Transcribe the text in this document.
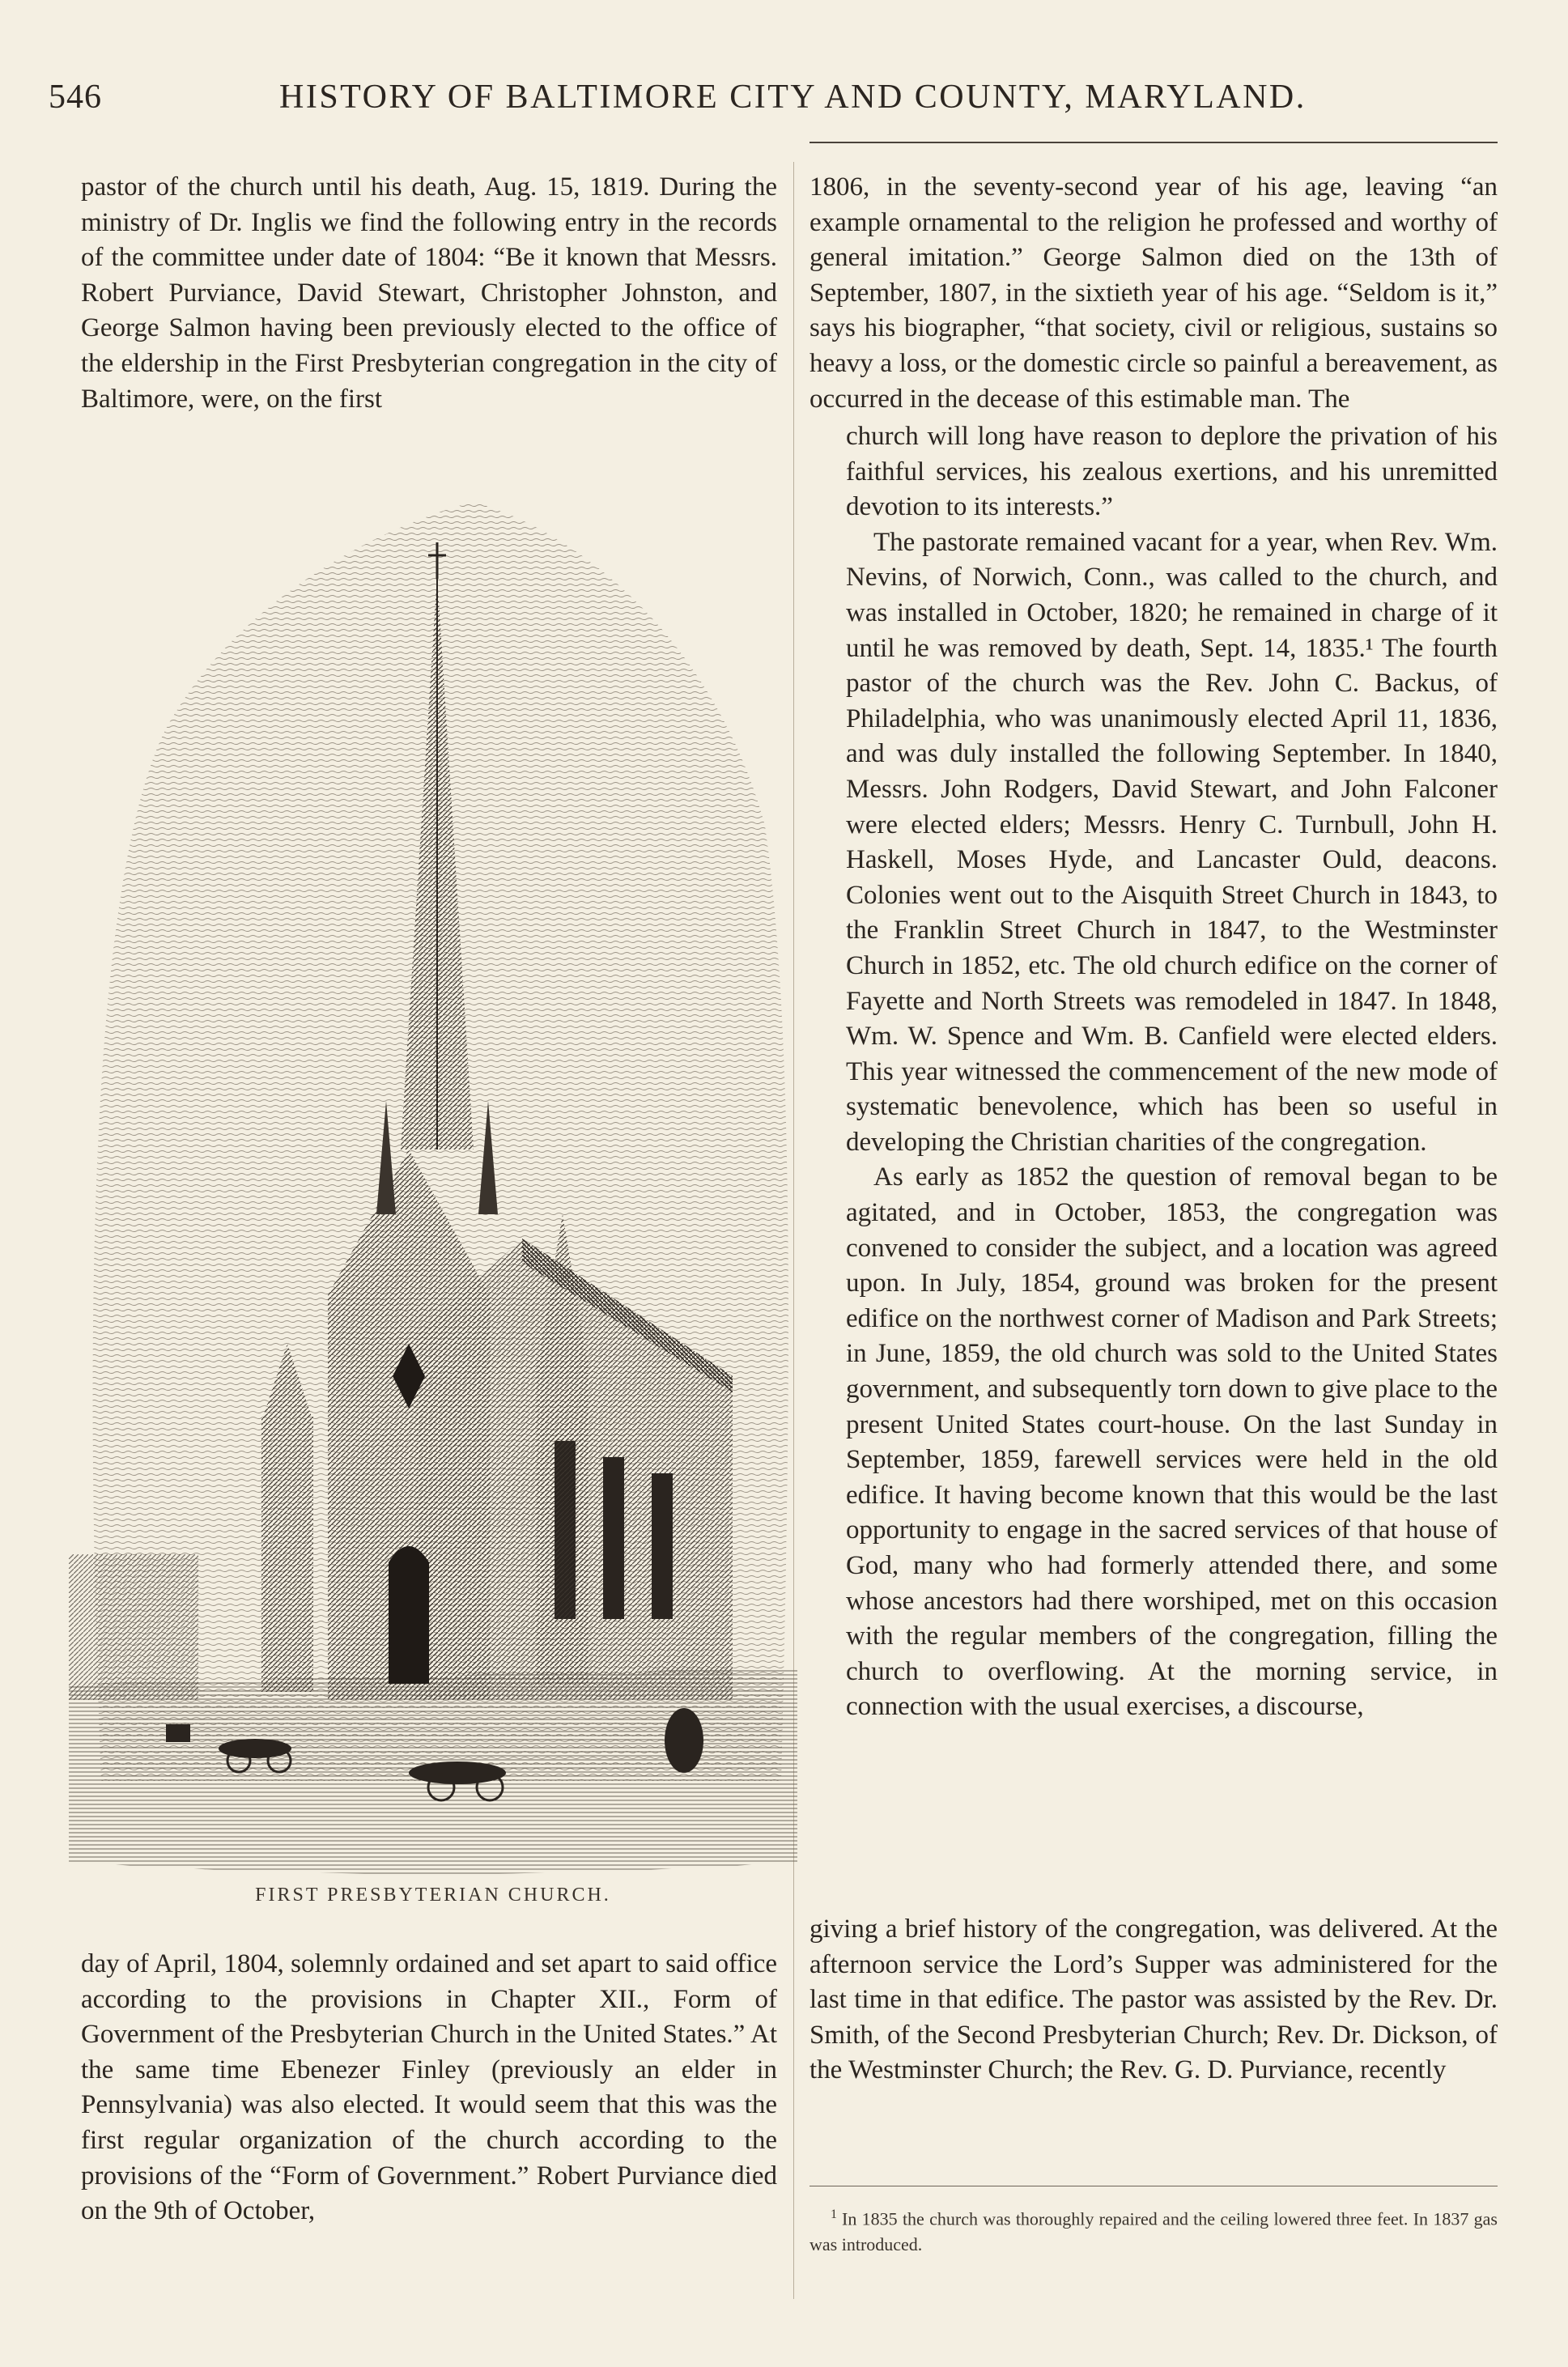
546	HISTORY OF BALTIMORE CITY AND COUNTY, MARYLAND.

pastor of the church until his death, Aug. 15, 1819. During the ministry of Dr. Inglis we find the following entry in the records of the committee under date of 1804: “Be it known that Messrs. Robert Purviance, David Stewart, Christopher Johnston, and George Salmon having been previously elected to the office of the eldership in the First Presbyterian congregation in the city of Baltimore, were, on the first

FIRST PRESBYTERIAN CHURCH.

day of April, 1804, solemnly ordained and set apart to said office according to the provisions in Chapter XII., Form of Government of the Presbyterian Church in the United States.” At the same time Ebenezer Finley (previously an elder in Pennsylvania) was also elected. It would seem that this was the first regular organization of the church according to the provisions of the “Form of Government.” Robert Purviance died on the 9th of October,

1806, in the seventy-second year of his age, leaving “an example ornamental to the religion he professed and worthy of general imitation.” George Salmon died on the 13th of September, 1807, in the sixtieth year of his age. “Seldom is it,” says his biographer, “that society, civil or religious, sustains so heavy a loss, or the domestic circle so painful a bereavement, as occurred in the decease of this estimable man. The

church will long have reason to deplore the privation of his faithful services, his zealous exertions, and his unremitted devotion to its interests.”

The pastorate remained vacant for a year, when Rev. Wm. Nevins, of Norwich, Conn., was called to the church, and was installed in October, 1820; he remained in charge of it until he was removed by death, Sept. 14, 1835.¹ The fourth pastor of the church was the Rev. John C. Backus, of Philadelphia, who was unanimously elected April 11, 1836, and was duly installed the following September. In 1840, Messrs. John Rodgers, David Stewart, and John Falconer were elected elders; Messrs. Henry C. Turnbull, John H. Haskell, Moses Hyde, and Lancaster Ould, deacons. Colonies went out to the Aisquith Street Church in 1843, to the Franklin Street Church in 1847, to the Westminster Church in 1852, etc. The old church edifice on the corner of Fayette and North Streets was remodeled in 1847. In 1848, Wm. W. Spence and Wm. B. Canfield were elected elders. This year witnessed the commencement of the new mode of systematic benevolence, which has been so useful in developing the Christian charities of the congregation.

As early as 1852 the question of removal began to be agitated, and in October, 1853, the congregation was convened to consider the subject, and a location was agreed upon. In July, 1854, ground was broken for the present edifice on the northwest corner of Madison and Park Streets; in June, 1859, the old church was sold to the United States government, and subsequently torn down to give place to the present United States court-house. On the last Sunday in September, 1859, farewell services were held in the old edifice. It having become known that this would be the last opportunity to engage in the sacred services of that house of God, many who had formerly attended there, and some whose ancestors had there worshiped, met on this occasion with the regular members of the congregation, filling the church to overflowing. At the morning service, in connection with the usual exercises, a discourse,

giving a brief history of the congregation, was delivered. At the afternoon service the Lord’s Supper was administered for the last time in that edifice. The pastor was assisted by the Rev. Dr. Smith, of the Second Presbyterian Church; Rev. Dr. Dickson, of the Westminster Church; the Rev. G. D. Purviance, recently

$^1$ In 1835 the church was thoroughly repaired and the ceiling lowered three feet. In 1837 gas was introduced.
